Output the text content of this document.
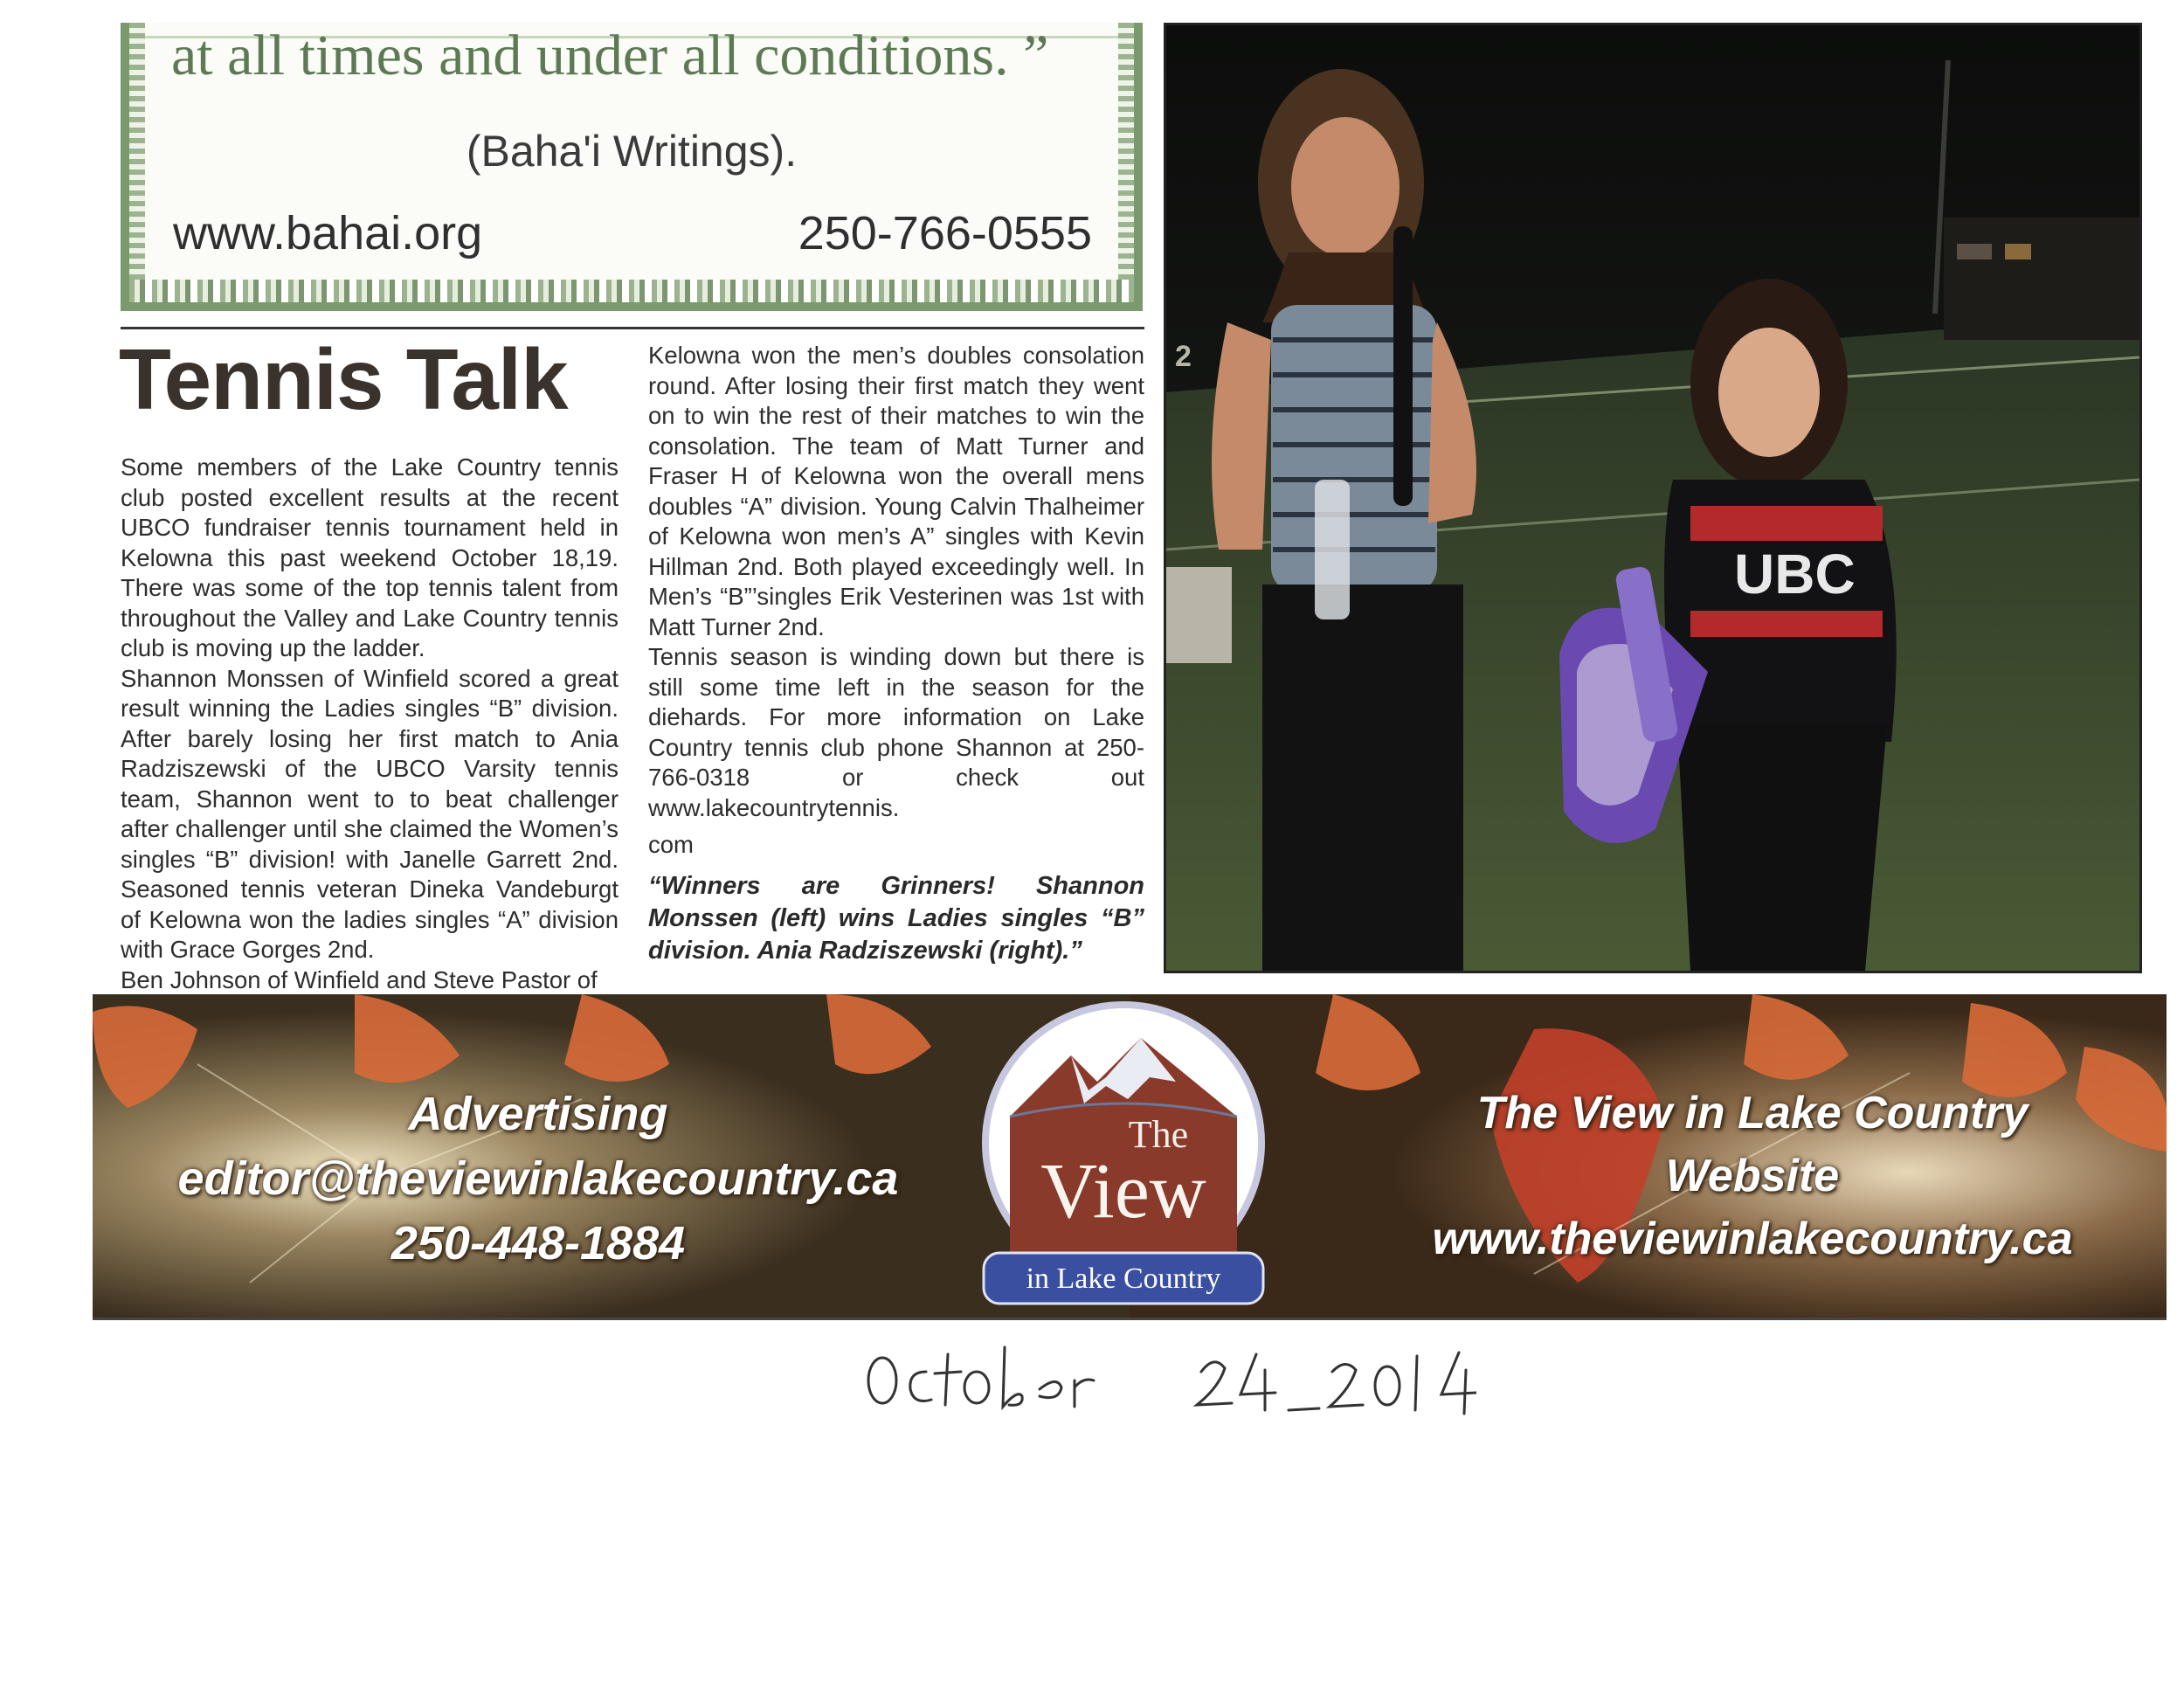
at all times and under all conditions. ”
(Baha'i Writings).
www.bahai.org	250-766-0555
Tennis Talk

Some members of the Lake Country tennis club posted excellent results at the recent UBCO fundraiser tennis tournament held in Kelowna this past weekend October 18,19. There was some of the top tennis talent from throughout the Valley and Lake Country tennis club is moving up the ladder.

Shannon Monssen of Winfield scored a great result winning the Ladies singles “B” division. After barely losing her first match to Ania Radziszewski of the UBCO Varsity tennis team, Shannon went to to beat challenger after challenger until she claimed the Women’s singles “B” division! with Janelle Garrett 2nd. Seasoned tennis veteran Dineka Vandeburgt of Kelowna won the ladies singles “A” division with Grace Gorges 2nd.

Ben Johnson of Winfield and Steve Pastor of

Kelowna won the men’s doubles consolation round. After losing their first match they went on to win the rest of their matches to win the consolation. The team of Matt Turner and Fraser H of Kelowna won the overall mens doubles “A” division. Young Calvin Thalheimer of Kelowna won men’s A” singles with Kevin Hillman 2nd. Both played exceedingly well. In Men’s “B”’singles Erik Vesterinen was 1st with Matt Turner 2nd.

Tennis season is winding down but there is still some time left in the season for the diehards. For more information on Lake Country tennis club phone Shannon at 250-766-0318 or check out www.lakecountrytennis.

com

“Winners are Grinners! Shannon Monssen (left) wins Ladies singles “B” division. Ania Radziszewski (right).”
2
UBC
Advertising
editor@theviewinlakecountry.ca
250-448-1884
The
View
in Lake Country
The View in Lake Country
Website
www.theviewinlakecountry.ca
